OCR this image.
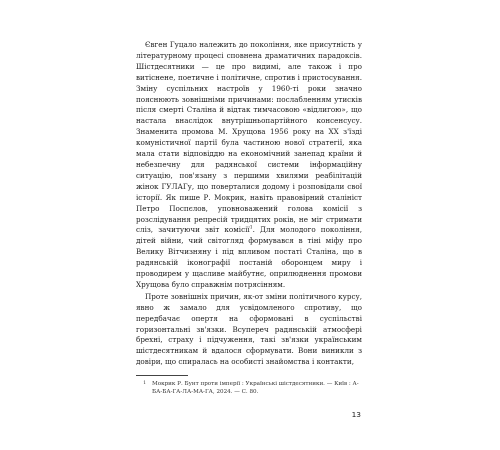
Євген Гуцало належить до покоління, яке присутність у літературному процесі сповнена драматичних парадоксів. Шістдесятники — це про видимі, але також і про витіснене, поетичне і політичне, спротив і пристосування. Зміну суспільних настроїв у 1960-ті роки значно пояснюють зовнішніми причинами: послабленням утисків після смерті Сталіна й відтак тимчасовою «відлигою», що настала внаслідок внутрішньопартійного консенсусу. Знаменита промова М. Хрущова 1956 року на XX з'їзді комуністичної партії була частиною нової стратегії, яка мала стати відповіддю на економічний занепад країни й небезпечну для радянської системи інформаційну ситуацію, пов'язану з першими хвилями реабілітацій жінок ГУЛАГу, що поверталися додому і розповідали свої історії. Як пише Р. Мокрик, навіть правовірний сталініст Петро Поспєлов, уповноважений голова комісії з розслідування репресій тридцятих років, не міг стримати сліз, зачитуючи звіт комісії$^1$. Для молодого покоління, дітей війни, чий світогляд формувався в тіні міфу про Велику Вітчизняну і під впливом постаті Сталіна, що в радянській іконографії постаній оборонцем миру і проводирем у щасливе майбутнє, оприлюднення промови Хрущова було справжнім потрясінням.

Проте зовнішніх причин, як-от зміни політичного курсу, явно ж замало для усвідомленого спротиву, що передбачає опертя на сформовані в суспільстві горизонтальні зв'язки. Всупереч радянській атмосфері брехні, страху і підчуження, такі зв'язки українським шістдесятникам й вдалося сформувати. Вони виникли з довіри, що спиралась на особисті знайомства і контакти,

1	Мокрик Р. Бунт проти імперії : Українські шістдесятники. — Київ : А-БА-БА-ГА-ЛА-МА-ГА, 2024. — С. 80.
13
